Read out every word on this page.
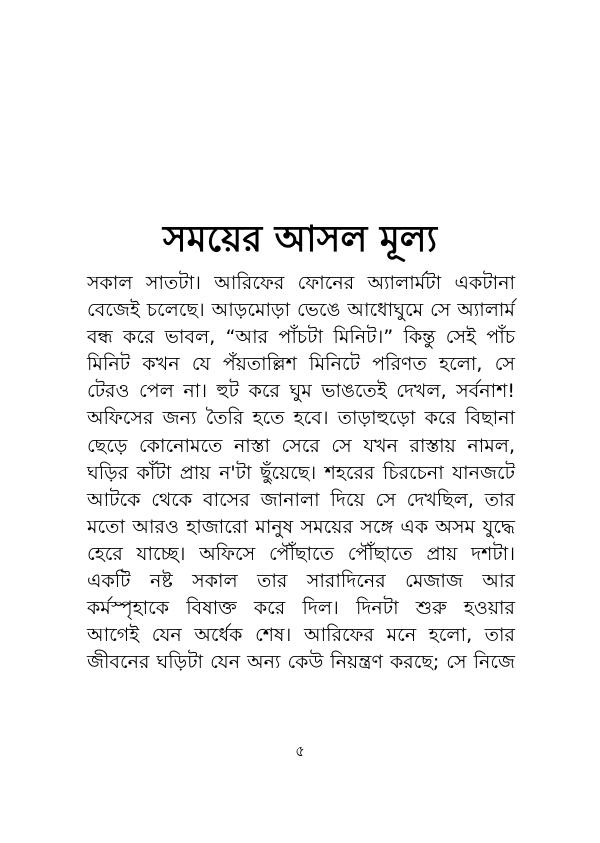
সময়ের আসল মূল্য
সকাল সাতটা। আরিফের ফোনের অ্যালার্মটা একটানা
বেজেই চলেছে। আড়মোড়া ভেঙে আধোঘুমে সে অ্যালার্ম
বন্ধ করে ভাবল, “আর পাঁচটা মিনিট।” কিন্তু সেই পাঁচ
মিনিট কখন যে পঁয়তাল্লিশ মিনিটে পরিণত হলো, সে
টেরও পেল না। হুট করে ঘুম ভাঙতেই দেখল, সর্বনাশ!
অফিসের জন্য তৈরি হতে হবে। তাড়াহুড়ো করে বিছানা
ছেড়ে কোনোমতে নাস্তা সেরে সে যখন রাস্তায় নামল,
ঘড়ির কাঁটা প্রায় ন'টা ছুঁয়েছে। শহরের চিরচেনা যানজটে
আটকে থেকে বাসের জানালা দিয়ে সে দেখছিল, তার
মতো আরও হাজারো মানুষ সময়ের সঙ্গে এক অসম যুদ্ধে
হেরে যাচ্ছে। অফিসে পৌঁছাতে পৌঁছাতে প্রায় দশটা।
একটি নষ্ট সকাল তার সারাদিনের মেজাজ আর
কর্মস্পৃহাকে বিষাক্ত করে দিল। দিনটা শুরু হওয়ার
আগেই যেন অর্ধেক শেষ। আরিফের মনে হলো, তার
জীবনের ঘড়িটা যেন অন্য কেউ নিয়ন্ত্রণ করছে; সে নিজে
৫
